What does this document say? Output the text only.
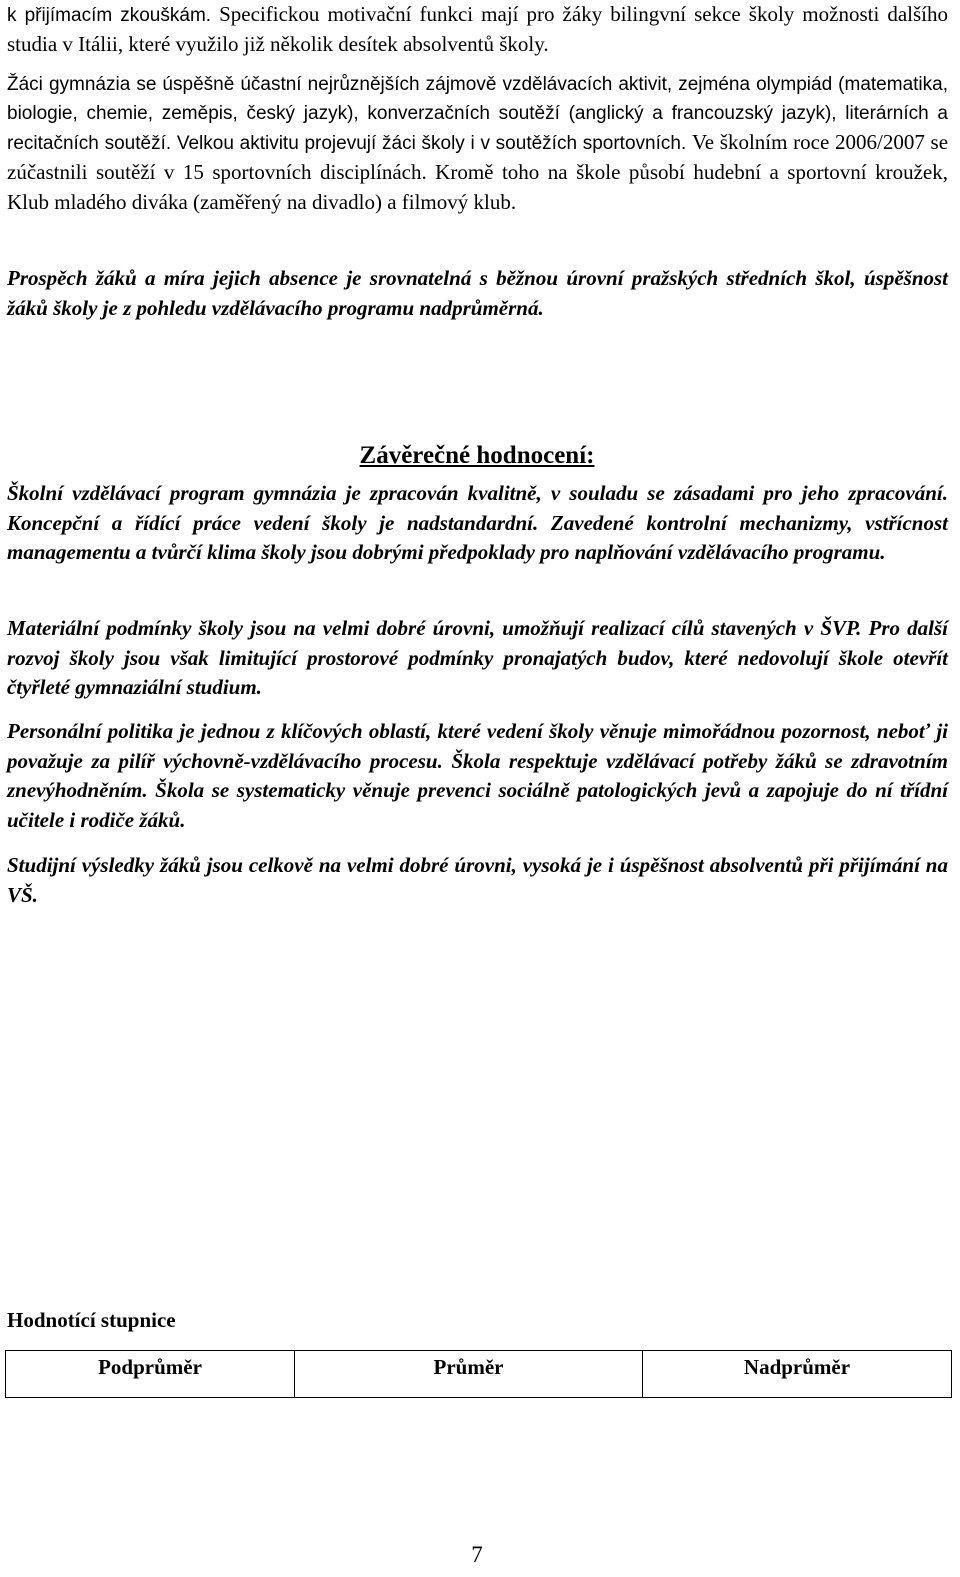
k přijímacím zkouškám. Specifickou motivační funkci mají pro žáky bilingvní sekce školy možnosti dalšího studia v Itálii, které využilo již několik desítek absolventů školy.

Žáci gymnázia se úspěšně účastní nejrůznějších zájmově vzdělávacích aktivit, zejména olympiád (matematika, biologie, chemie, zeměpis, český jazyk), konverzačních soutěží (anglický a francouzský jazyk), literárních a recitačních soutěží. Velkou aktivitu projevují žáci školy i v soutěžích sportovních. Ve školním roce 2006/2007 se zúčastnili soutěží v 15 sportovních disciplínách. Kromě toho na škole působí hudební a sportovní kroužek, Klub mladého diváka (zaměřený na divadlo) a filmový klub.

Prospěch žáků a míra jejich absence je srovnatelná s běžnou úrovní pražských středních škol, úspěšnost žáků školy je z pohledu vzdělávacího programu nadprůměrná.

Závěrečné hodnocení:

Školní vzdělávací program gymnázia je zpracován kvalitně, v souladu se zásadami pro jeho zpracování. Koncepční a řídící práce vedení školy je nadstandardní. Zavedené kontrolní mechanizmy, vstřícnost managementu a tvůrčí klima školy jsou dobrými předpoklady pro naplňování vzdělávacího programu.

Materiální podmínky školy jsou na velmi dobré úrovni, umožňují realizací cílů stavených v ŠVP. Pro další rozvoj školy jsou však limitující prostorové podmínky pronajatých budov, které nedovolují škole otevřít čtyřleté gymnaziální studium.

Personální politika je jednou z klíčových oblastí, které vedení školy věnuje mimořádnou pozornost, neboť ji považuje za pilíř výchovně-vzdělávacího procesu. Škola respektuje vzdělávací potřeby žáků se zdravotním znevýhodněním. Škola se systematicky věnuje prevenci sociálně patologických jevů a zapojuje do ní třídní učitele i rodiče žáků.

Studijní výsledky žáků jsou celkově na velmi dobré úrovni, vysoká je i úspěšnost absolventů při přijímání na VŠ.

Hodnotící stupnice

Podprůměr	Průměr	Nadprůměr

7
